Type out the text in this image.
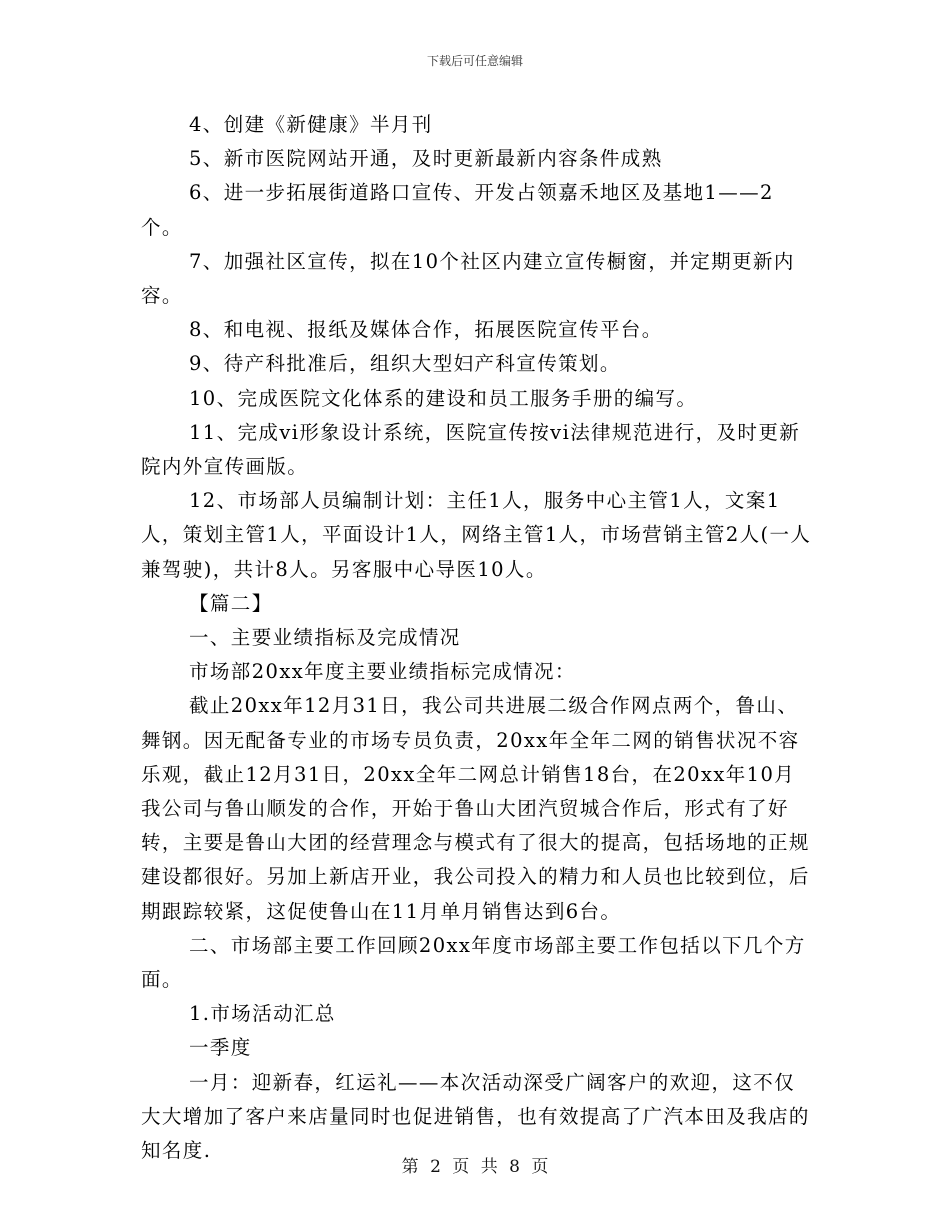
下载后可任意编辑

4、创建《新健康》半月刊

5、新市医院网站开通，及时更新最新内容条件成熟

6、进一步拓展街道路口宣传、开发占领嘉禾地区及基地1——2个。

7、加强社区宣传，拟在10个社区内建立宣传橱窗，并定期更新内容。

8、和电视、报纸及媒体合作，拓展医院宣传平台。

9、待产科批准后，组织大型妇产科宣传策划。

10、完成医院文化体系的建设和员工服务手册的编写。

11、完成vi形象设计系统，医院宣传按vi法律规范进行，及时更新院内外宣传画版。

12、市场部人员编制计划：主任1人，服务中心主管1人，文案1人，策划主管1人，平面设计1人，网络主管1人，市场营销主管2人(一人兼驾驶)，共计8人。另客服中心导医10人。

【篇二】

一、主要业绩指标及完成情况

市场部20xx年度主要业绩指标完成情况：

截止20xx年12月31日，我公司共进展二级合作网点两个，鲁山、舞钢。因无配备专业的市场专员负责，20xx年全年二网的销售状况不容乐观，截止12月31日，20xx全年二网总计销售18台，在20xx年10月我公司与鲁山顺发的合作，开始于鲁山大团汽贸城合作后，形式有了好转，主要是鲁山大团的经营理念与模式有了很大的提高，包括场地的正规建设都很好。另加上新店开业，我公司投入的精力和人员也比较到位，后期跟踪较紧，这促使鲁山在11月单月销售达到6台。

二、市场部主要工作回顾20xx年度市场部主要工作包括以下几个方面。

1.市场活动汇总

一季度

一月：迎新春，红运礼——本次活动深受广阔客户的欢迎，这不仅大大增加了客户来店量同时也促进销售，也有效提高了广汽本田及我店的知名度.

第 2 页 共 8 页
